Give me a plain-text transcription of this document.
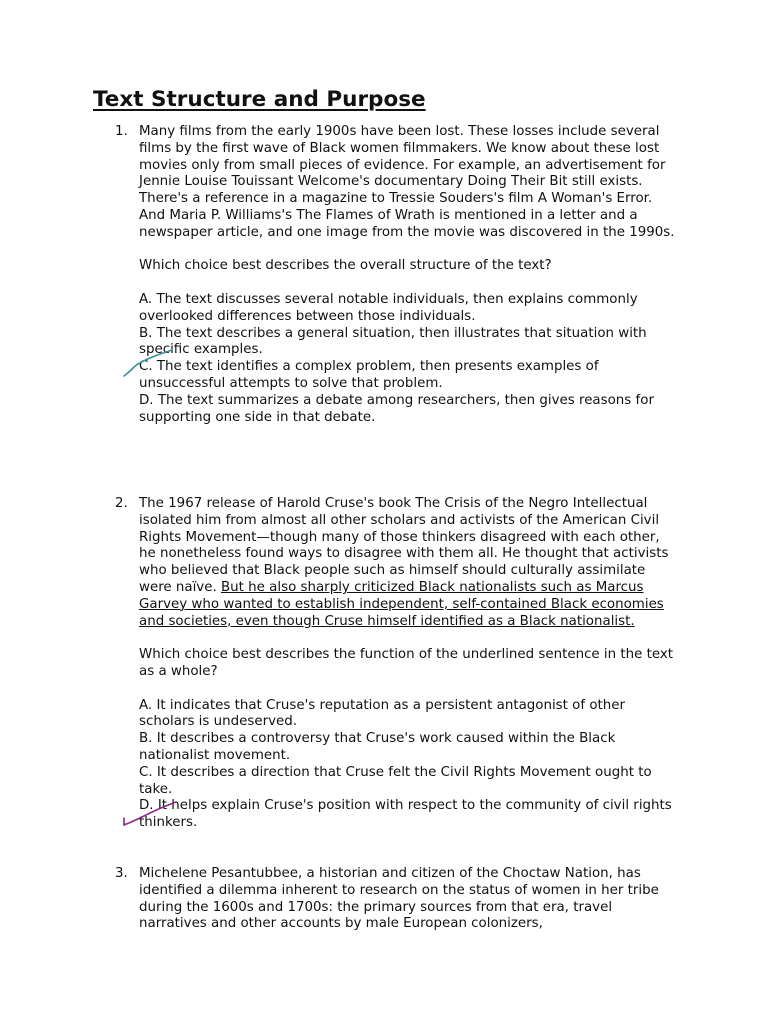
Text Structure and Purpose
1. Many films from the early 1900s have been lost. These losses include several films by the first wave of Black women filmmakers. We know about these lost movies only from small pieces of evidence. For example, an advertisement for Jennie Louise Touissant Welcome's documentary Doing Their Bit still exists. There's a reference in a magazine to Tressie Souders's film A Woman's Error. And Maria P. Williams's The Flames of Wrath is mentioned in a letter and a newspaper article, and one image from the movie was discovered in the 1990s.

Which choice best describes the overall structure of the text?

A. The text discusses several notable individuals, then explains commonly overlooked differences between those individuals.

B. The text describes a general situation, then illustrates that situation with specific examples.

C. The text identifies a complex problem, then presents examples of unsuccessful attempts to solve that problem.

D. The text summarizes a debate among researchers, then gives reasons for supporting one side in that debate.

2. The 1967 release of Harold Cruse's book The Crisis of the Negro Intellectual isolated him from almost all other scholars and activists of the American Civil Rights Movement—though many of those thinkers disagreed with each other, he nonetheless found ways to disagree with them all. He thought that activists who believed that Black people such as himself should culturally assimilate were naïve. But he also sharply criticized Black nationalists such as Marcus Garvey who wanted to establish independent, self-contained Black economies and societies, even though Cruse himself identified as a Black nationalist.

Which choice best describes the function of the underlined sentence in the text as a whole?

A. It indicates that Cruse's reputation as a persistent antagonist of other scholars is undeserved.

B. It describes a controversy that Cruse's work caused within the Black nationalist movement.

C. It describes a direction that Cruse felt the Civil Rights Movement ought to take.

D. It helps explain Cruse's position with respect to the community of civil rights thinkers.

3. Michelene Pesantubbee, a historian and citizen of the Choctaw Nation, has identified a dilemma inherent to research on the status of women in her tribe during the 1600s and 1700s: the primary sources from that era, travel narratives and other accounts by male European colonizers,
